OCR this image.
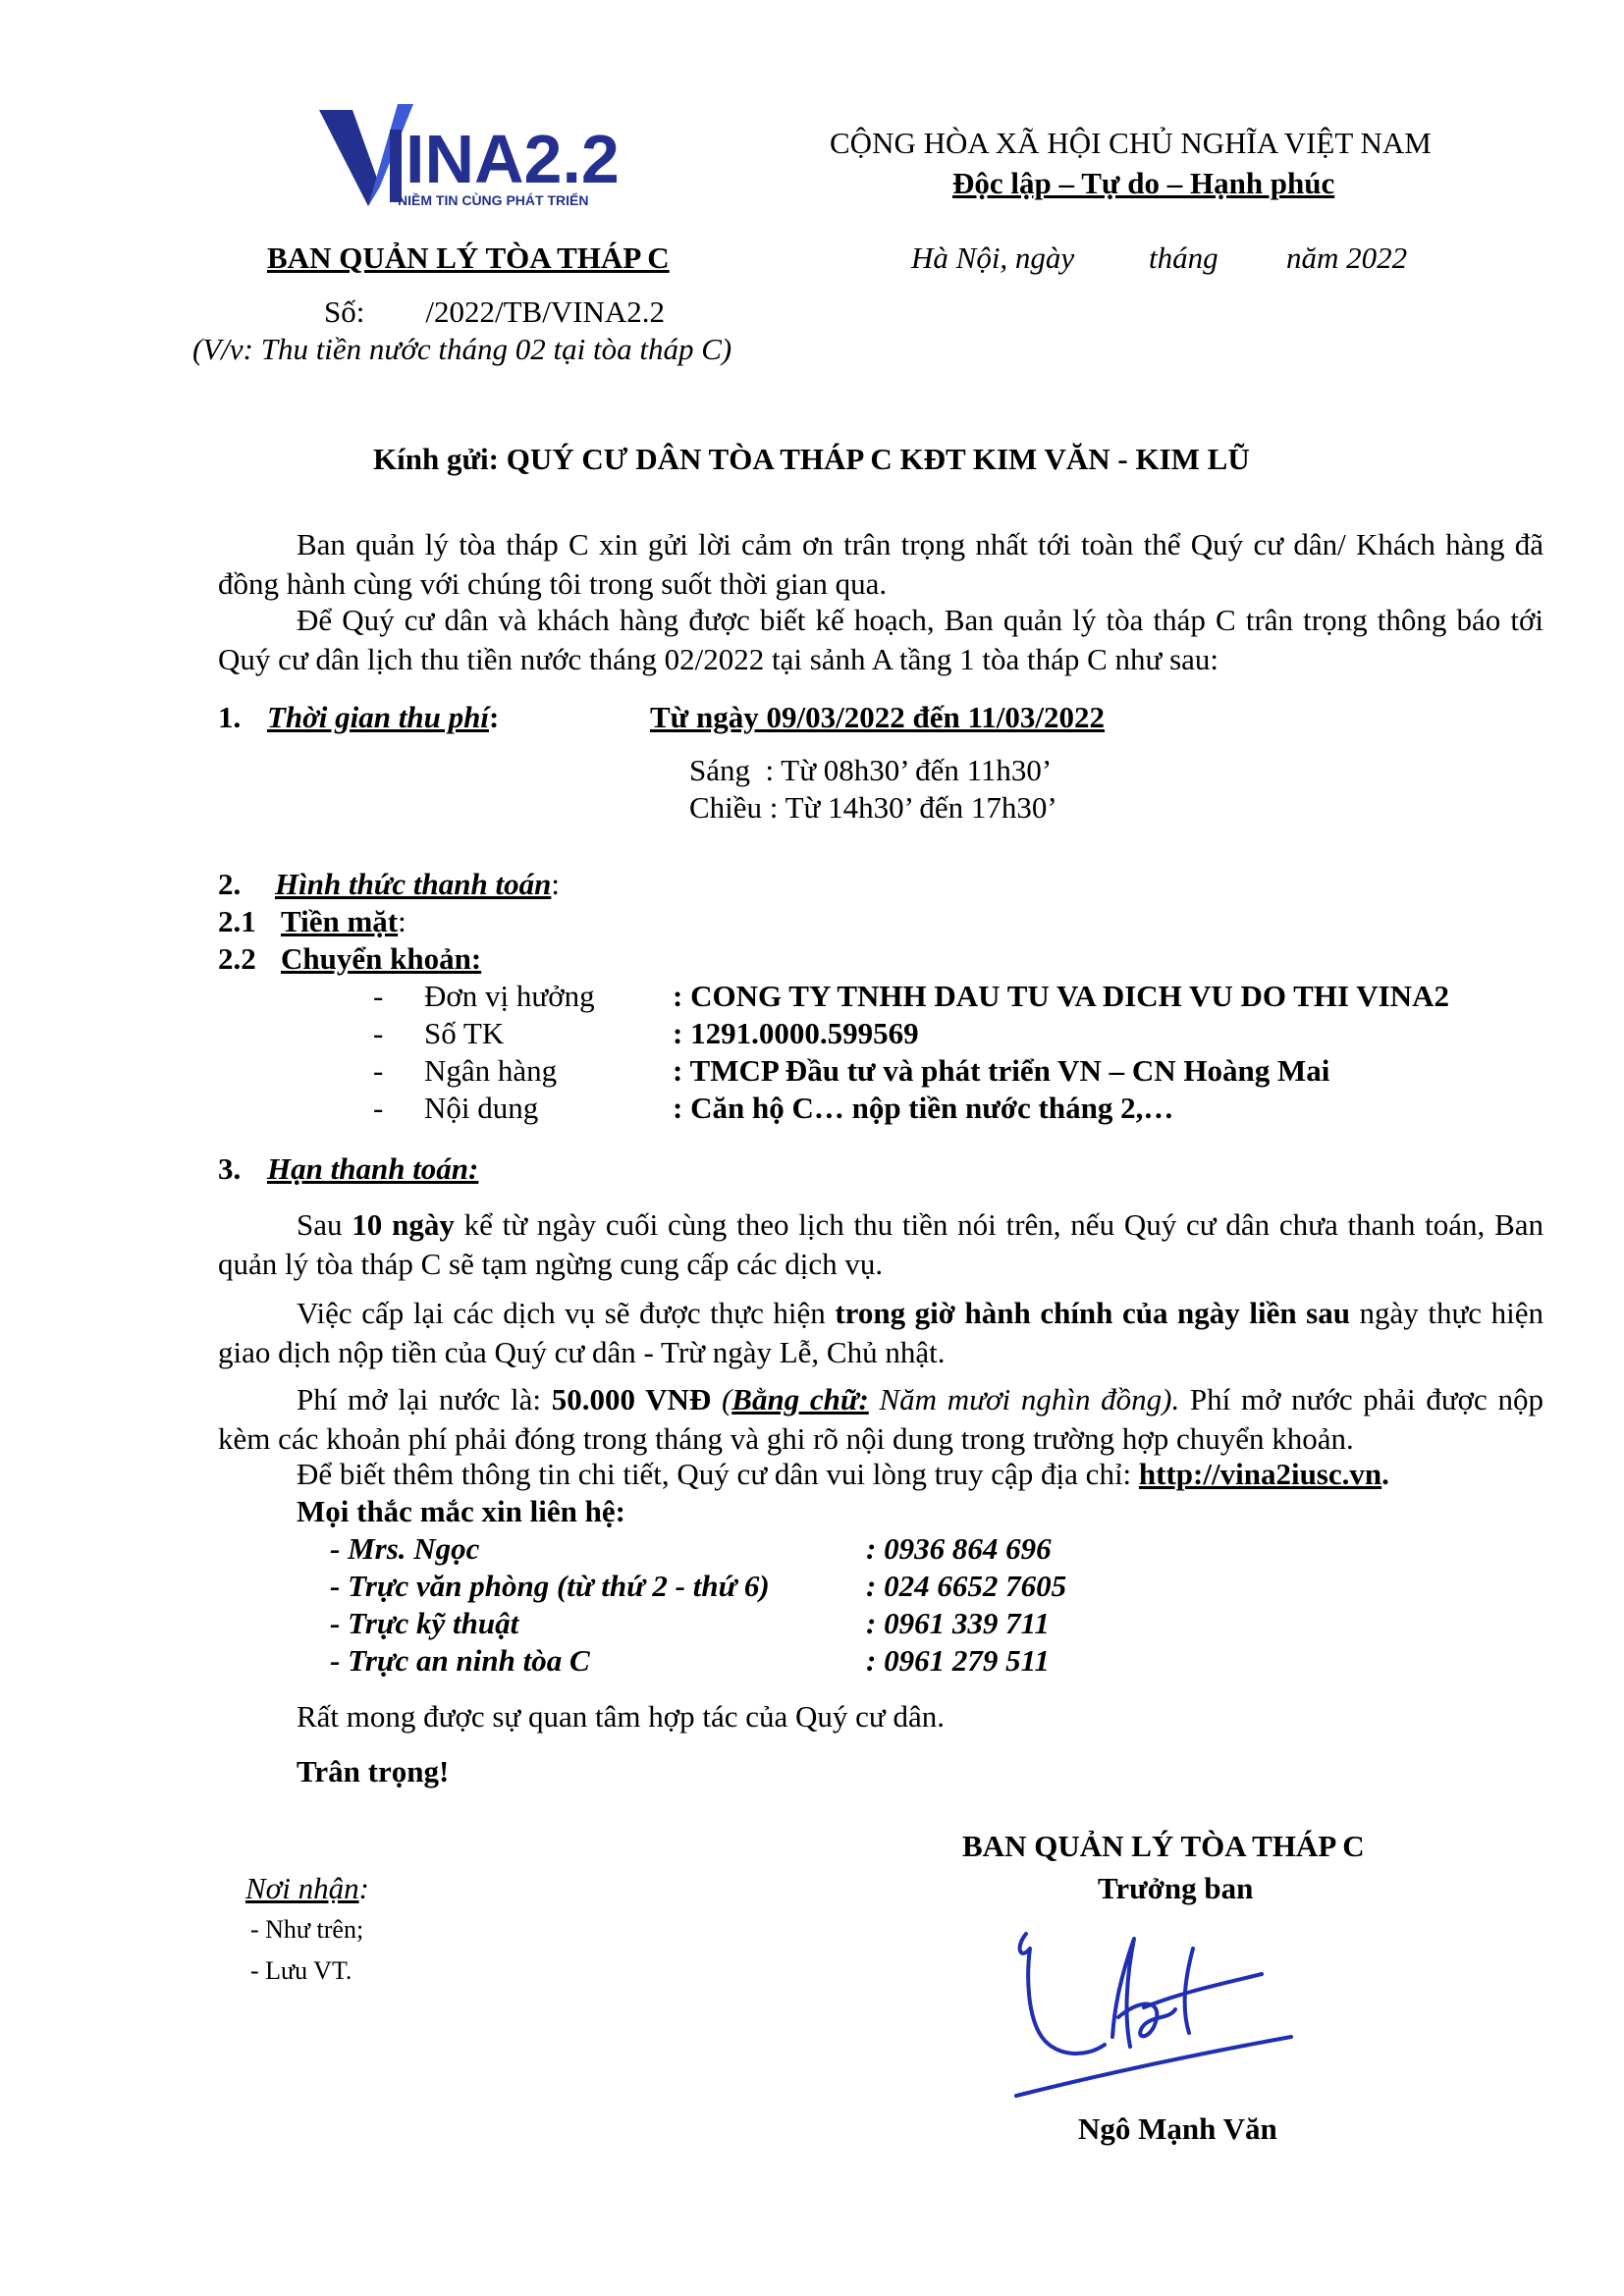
INA2.2
NIỀM TIN CÙNG PHÁT TRIỂN
BAN QUẢN LÝ TÒA THÁP C
Số:        /2022/TB/VINA2.2
(V/v: Thu tiền nước tháng 02 tại tòa tháp C)
CỘNG HÒA XÃ HỘI CHỦ NGHĨA VIỆT NAM
Độc lập – Tự do – Hạnh phúc
Hà Nội, ngày tháng năm 2022
Kính gửi: QUÝ CƯ DÂN TÒA THÁP C KĐT KIM VĂN - KIM LŨ
Ban quản lý tòa tháp C xin gửi lời cảm ơn trân trọng nhất tới toàn thể Quý cư dân/ Khách hàng đã đồng hành cùng với chúng tôi trong suốt thời gian qua.
Để Quý cư dân và khách hàng được biết kế hoạch, Ban quản lý tòa tháp C trân trọng thông báo tới Quý cư dân lịch thu tiền nước tháng 02/2022 tại sảnh A tầng 1 tòa tháp C như sau:
1. Thời gian thu phí:	Từ ngày 09/03/2022 đến 11/03/2022
Sáng  : Từ 08h30’ đến 11h30’
Chiều : Từ 14h30’ đến 17h30’
2. Hình thức thanh toán:
2.1 Tiền mặt:
2.2 Chuyển khoản:
- Đơn vị hưởng	: CONG TY TNHH DAU TU VA DICH VU DO THI VINA2
- Số TK	: 1291.0000.599569
- Ngân hàng	: TMCP Đầu tư và phát triển VN – CN Hoàng Mai
- Nội dung	: Căn hộ C… nộp tiền nước tháng 2,…
3. Hạn thanh toán:
Sau 10 ngày kể từ ngày cuối cùng theo lịch thu tiền nói trên, nếu Quý cư dân chưa thanh toán, Ban quản lý tòa tháp C sẽ tạm ngừng cung cấp các dịch vụ.
Việc cấp lại các dịch vụ sẽ được thực hiện trong giờ hành chính của ngày liền sau ngày thực hiện giao dịch nộp tiền của Quý cư dân - Trừ ngày Lễ, Chủ nhật.
Phí mở lại nước là: 50.000 VNĐ (Bằng chữ: Năm mươi nghìn đồng). Phí mở nước phải được nộp kèm các khoản phí phải đóng trong tháng và ghi rõ nội dung trong trường hợp chuyển khoản.
Để biết thêm thông tin chi tiết, Quý cư dân vui lòng truy cập địa chỉ: http://vina2iusc.vn.
Mọi thắc mắc xin liên hệ:
- Mrs. Ngọc	: 0936 864 696
- Trực văn phòng (từ thứ 2 - thứ 6)	: 024 6652 7605
- Trực kỹ thuật	: 0961 339 711
- Trực an ninh tòa C	: 0961 279 511
Rất mong được sự quan tâm hợp tác của Quý cư dân.
Trân trọng!
Nơi nhận:
- Như trên;
- Lưu VT.
BAN QUẢN LÝ TÒA THÁP C
Trưởng ban
Ngô Mạnh Văn
